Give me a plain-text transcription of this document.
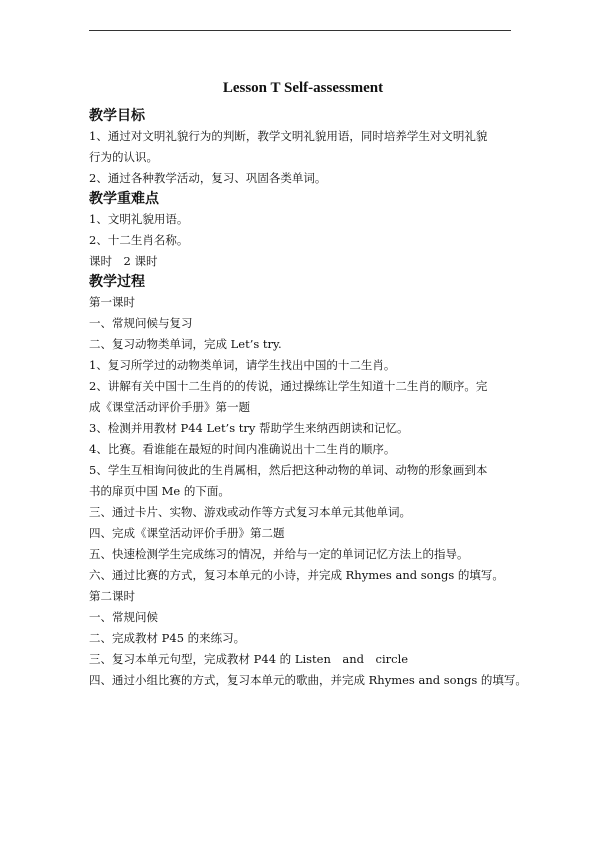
Lesson T Self-assessment
教学目标
1、通过对文明礼貌行为的判断，教学文明礼貌用语，同时培养学生对文明礼貌
行为的认识。
2、通过各种教学活动，复习、巩固各类单词。
教学重难点
1、文明礼貌用语。
2、十二生肖名称。
课时　2 课时
教学过程
第一课时
一、常规问候与复习
二、复习动物类单词，完成 Let’s try.
1、复习所学过的动物类单词，请学生找出中国的十二生肖。
2、讲解有关中国十二生肖的的传说，通过操练让学生知道十二生肖的顺序。完
成《课堂活动评价手册》第一题
3、检测并用教材 P44 Let’s try 帮助学生来纳西朗读和记忆。
4、比赛。看谁能在最短的时间内准确说出十二生肖的顺序。
5、学生互相询问彼此的生肖属相，然后把这种动物的单词、动物的形象画到本
书的扉页中国 Me 的下面。
三、通过卡片、实物、游戏或动作等方式复习本单元其他单词。
四、完成《课堂活动评价手册》第二题
五、快速检测学生完成练习的情况，并给与一定的单词记忆方法上的指导。
六、通过比赛的方式，复习本单元的小诗，并完成 Rhymes and songs 的填写。
第二课时
一、常规问候
二、完成教材 P45 的来练习。
三、复习本单元句型，完成教材 P44 的 Listen　and　circle
四、通过小组比赛的方式，复习本单元的歌曲，并完成 Rhymes and songs 的填写。
